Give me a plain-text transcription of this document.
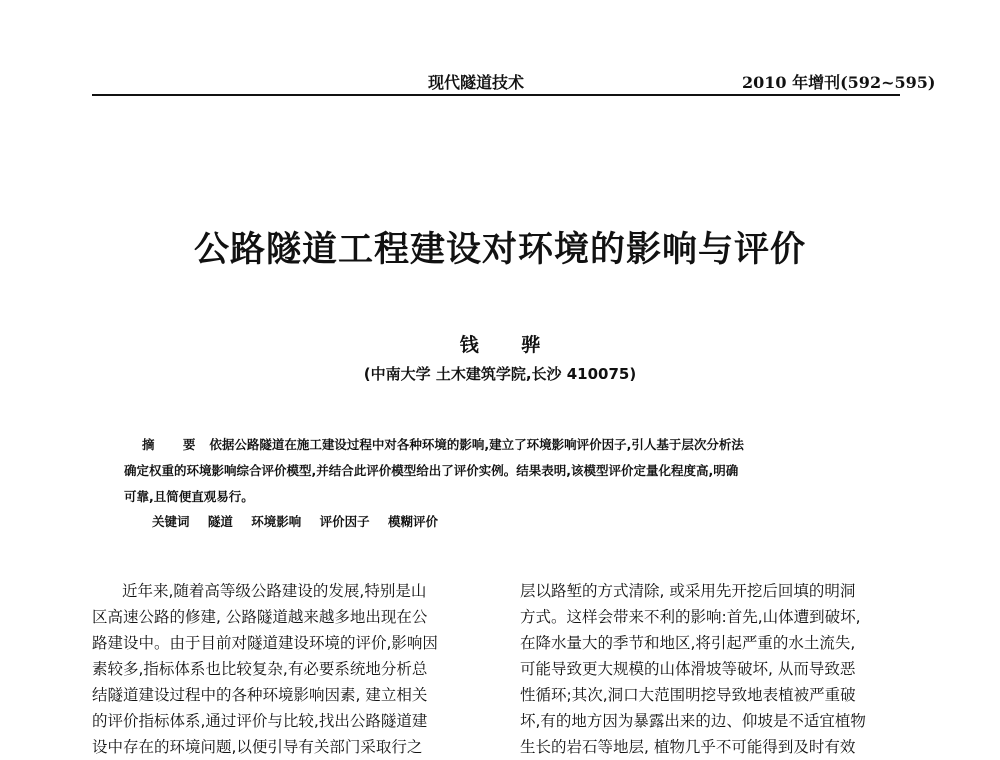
现代隧道技术	2010 年增刊(592~595)
公路隧道工程建设对环境的影响与评价
钱 骅
(中南大学 土木建筑学院,长沙 410075)
摘 要 依据公路隧道在施工建设过程中对各种环境的影响,建立了环境影响评价因子,引人基于层次分析法
确定权重的环境影响综合评价模型,并结合此评价模型给出了评价实例。结果表明,该模型评价定量化程度高,明确
可靠,且简便直观易行。
关键词 隧道 环境影响 评价因子 模糊评价
近年来,随着高等级公路建设的发展,特别是山
区高速公路的修建, 公路隧道越来越多地出现在公
路建设中。由于目前对隧道建设环境的评价,影响因
素较多,指标体系也比较复杂,有必要系统地分析总
结隧道建设过程中的各种环境影响因素, 建立相关
的评价指标体系,通过评价与比较,找出公路隧道建
设中存在的环境问题,以便引导有关部门采取行之
层以路堑的方式清除, 或采用先开挖后回填的明洞
方式。这样会带来不利的影响:首先,山体遭到破坏,
在降水量大的季节和地区,将引起严重的水土流失,
可能导致更大规模的山体滑坡等破坏, 从而导致恶
性循环;其次,洞口大范围明挖导致地表植被严重破
坏,有的地方因为暴露出来的边、仰坡是不适宜植物
生长的岩石等地层, 植物几乎不可能得到及时有效
